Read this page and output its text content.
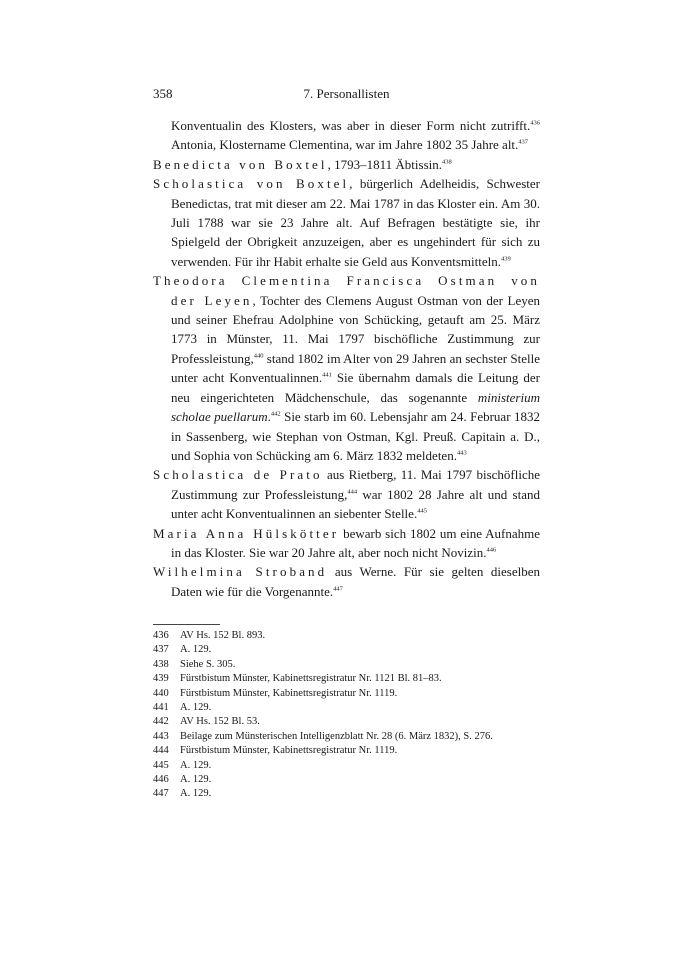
358	7. Personallisten

Konventualin des Klosters, was aber in dieser Form nicht zutrifft.$^{436}$ Antonia, Klostername Clementina, war im Jahre 1802 35 Jahre alt.$^{437}$

Benedicta von Boxtel, 1793–1811 Äbtissin.$^{438}$

Scholastica von Boxtel, bürgerlich Adelheidis, Schwester Benedictas, trat mit dieser am 22. Mai 1787 in das Kloster ein. Am 30. Juli 1788 war sie 23 Jahre alt. Auf Befragen bestätigte sie, ihr Spielgeld der Obrigkeit anzuzeigen, aber es ungehindert für sich zu verwenden. Für ihr Habit erhalte sie Geld aus Konventsmitteln.$^{439}$

Theodora Clementina Francisca Ostman von der Leyen, Tochter des Clemens August Ostman von der Leyen und seiner Ehefrau Adolphine von Schücking, getauft am 25. März 1773 in Münster, 11. Mai 1797 bischöfliche Zustimmung zur Professleistung,$^{440}$ stand 1802 im Alter von 29 Jahren an sechster Stelle unter acht Konventualinnen.$^{441}$ Sie übernahm damals die Leitung der neu eingerichteten Mädchenschule, das sogenannte ministerium scholae puellarum.$^{442}$ Sie starb im 60. Lebensjahr am 24. Februar 1832 in Sassenberg, wie Stephan von Ostman, Kgl. Preuß. Capitain a. D., und Sophia von Schücking am 6. März 1832 meldeten.$^{443}$

Scholastica de Prato aus Rietberg, 11. Mai 1797 bischöfliche Zustimmung zur Professleistung,$^{444}$ war 1802 28 Jahre alt und stand unter acht Konventualinnen an siebenter Stelle.$^{445}$

Maria Anna Hülskötter bewarb sich 1802 um eine Aufnahme in das Kloster. Sie war 20 Jahre alt, aber noch nicht Novizin.$^{446}$

Wilhelmina Stroband aus Werne. Für sie gelten dieselben Daten wie für die Vorgenannte.$^{447}$

436	AV Hs. 152 Bl. 893.
437	A. 129.
438	Siehe S. 305.
439	Fürstbistum Münster, Kabinettsregistratur Nr. 1121 Bl. 81–83.
440	Fürstbistum Münster, Kabinettsregistratur Nr. 1119.
441	A. 129.
442	AV Hs. 152 Bl. 53.
443	Beilage zum Münsterischen Intelligenzblatt Nr. 28 (6. März 1832), S. 276.
444	Fürstbistum Münster, Kabinettsregistratur Nr. 1119.
445	A. 129.
446	A. 129.
447	A. 129.
